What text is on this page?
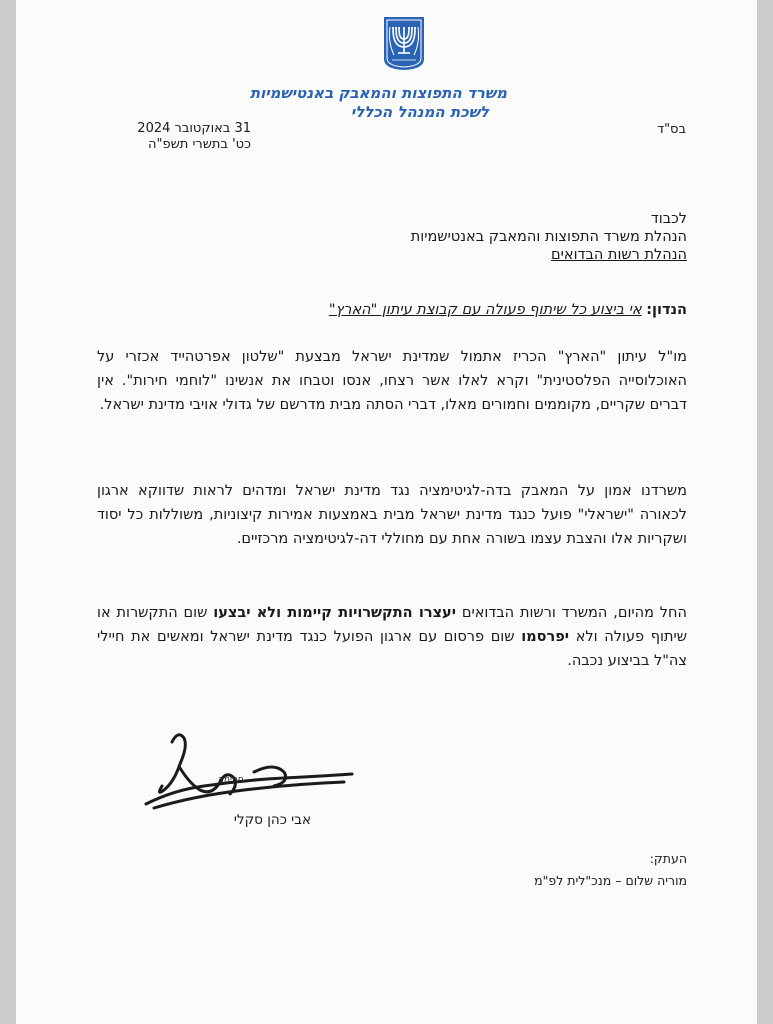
משרד התפוצות והמאבק באנטישמיות
לשכת המנהל הכללי
31 באוקטובר 2024
כט' בתשרי תשפ"ה
בס"ד
לכבוד
הנהלת משרד התפוצות והמאבק באנטישמיות
הנהלת רשות הבדואים
הנדון: אי ביצוע כל שיתוף פעולה עם קבוצת עיתון "הארץ"

מו"ל עיתון "הארץ" הכריז אתמול שמדינת ישראל מבצעת "שלטון אפרטהייד אכזרי על האוכלוסייה הפלסטינית" וקרא לאלו אשר רצחו, אנסו וטבחו את אנשינו "לוחמי חירות". אין דברים שקריים, מקוממים וחמורים מאלו, דברי הסתה מבית מדרשם של גדולי אויבי מדינת ישראל.

משרדנו אמון על המאבק בדה-לגיטימציה נגד מדינת ישראל ומדהים לראות שדווקא ארגון לכאורה "ישראלי" פועל כנגד מדינת ישראל מבית באמצעות אמירות קיצוניות, משוללות כל יסוד ושקריות אלו והצבת עצמו בשורה אחת עם מחוללי דה-לגיטימציה מרכזיים.

החל מהיום, המשרד ורשות הבדואים יעצרו התקשרויות קיימות ולא יבצעו שום התקשרות או שיתוף פעולה ולא יפרסמו שום פרסום עם ארגון הפועל כנגד מדינת ישראל ומאשים את חיילי צה"ל בביצוע נכבה.

חתימה
אבי כהן סקלי
העתק:
מוריה שלום – מנכ"לית לפ"מ
